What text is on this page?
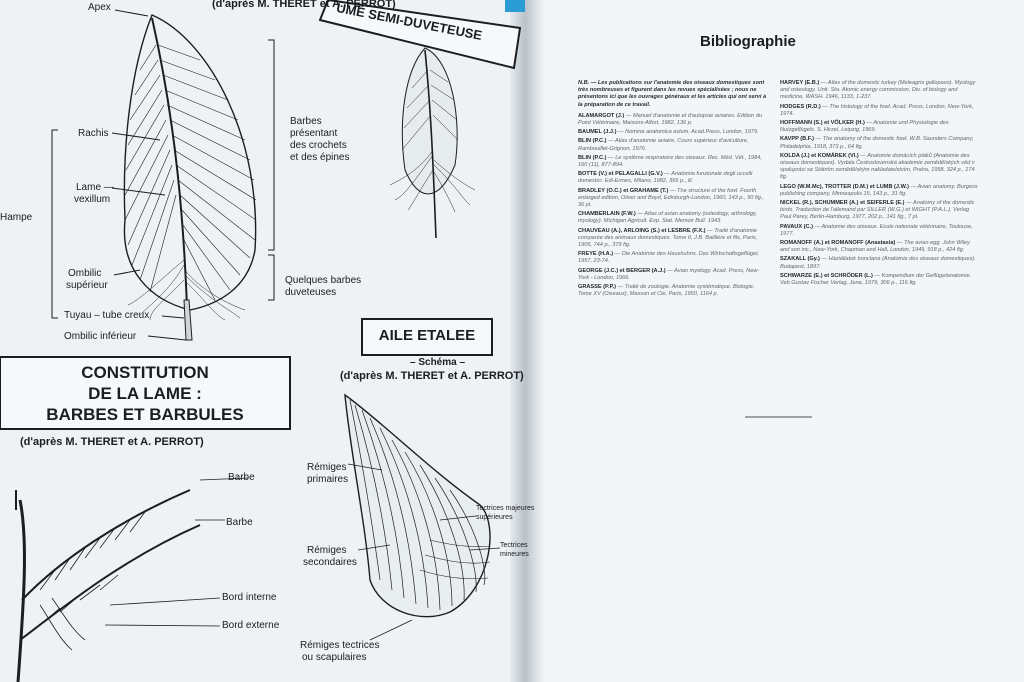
UME SEMI-DUVETEUSE
(d'après M. THERET et A. PERROT)
Apex
Rachis
Lame —
vexillum
Hampe
Ombilic
supérieur
Tuyau – tube creux
Ombilic inférieur
Barbes
présentant
des crochets
et des épines
Quelques barbes
duveteuses
CONSTITUTION
DE LA LAME :
BARBES ET BARBULES
(d'après M. THERET et A. PERROT)
Barbe
Barbe
Bord interne
Bord externe
AILE ETALEE
– Schéma –
(d'après M. THERET et A. PERROT)
Rémiges
primaires
Rémiges
secondaires
Tectrices majeures
supérieures
Tectrices
mineures
Rémiges tectrices
ou scapulaires
Bibliographie
N.B. — Les publications sur l'anatomie des oiseaux domestiques sont très nombreuses et figurent dans les revues spécialisées ; nous ne présentons ici que les ouvrages généraux et les articles qui ont servi à la préparation de ce travail.
ALAMARGOT (J.) — Manuel d'anatomie et d'autopsie aviaires. Edition du Point Vétérinaire, Maisons-Alfort, 1982, 136 p.
BAUMEL (J.J.) — Nomina anatomica avium. Acad.Press, London, 1979.
BLIN (P.C.) — Atlas d'anatomie aviaire. Cours supérieur d'aviculture, Rambouillet-Grignon, 1976.
BLIN (P.C.) — Le système respiratoire des oiseaux. Rec. Méd. Vét., 1984, 160 (11), 877-894.
BOTTE (V.) et PELAGALLI (G.V.) — Anatomia funzionale degli uccelli domestici. Edi-Ermes, Milano, 1982, 365 p., ill.
BRADLEY (O.C.) et GRAHAME (T.) — The structure of the fowl. Fourth enlarged edition, Oliver and Boyd, Edinburgh-London, 1960, 143 p., 90 fig., 36 pl.
CHAMBERLAIN (F.W.) — Atlas of avian anatomy (osteology, arthrology, myology). Michigan Agricult. Exp. Stat. Memoir Bull. 1943.
CHAUVEAU (A.), ARLOING (S.) et LESBRE (F.X.) — Traité d'anatomie comparée des animaux domestiques. Tome II, J.B. Baillière et fils, Paris, 1905, 744 p., 379 fig.
FREYE (H.A.) — Die Anatomie des Haushuhns. Das Wirtschaftsgeflügel, 1957, 23-74.
GEORGE (J.C.) et BERGER (A.J.) — Avian myology. Acad. Press, New-York - London, 1966.
GRASSE (P.P.) — Traité de zoologie. Anatomie systématique. Biologie. Tome XV (Oiseaux), Masson et Cie, Paris, 1950, 1164 p.
HARVEY (E.B.) — Atlas of the domestic turkey (Meleagris gallopavo). Myology and osteology. Unit. Sta. Atomic energy commission, Div. of biology and medicine, WASH. 1946, 1133, 1-237.
HODGES (R.D.) — The histology of the fowl. Acad. Press, London, New-York, 1974.
HOFFMANN (S.) et VÖLKER (H.) — Anatomie und Physiologie des Nutzgeflügels. S. Hirzel, Leipzig, 1969.
KAVPP (B.F.) — The anatomy of the domestic fowl. W.B. Saunders Company, Philadelphia, 1918, 373 p., 64 fig.
KOLDA (J.) et KOMÁREK (Vl.) — Anatomie domácích ptáků (Anatomie des oiseaux domestiques). Vydala Československá akademie zemědělských věd v spolupráci se Státním zemědělským nakladatelstvím, Praha, 1958, 324 p., 174 fig.
LEGO (W.M.Mc), TROTTER (D.M.) et LUMB (J.W.) — Avian anatomy. Burgess publishing company, Minneapolis 15, 143 p., 31 fig.
NICKEL (R.), SCHUMMER (A.) et SEIFERLE (E.) — Anatomy of the domestic birds. Traduction de l'allemand par SILLER (W.G.) et WIGHT (P.A.L.). Verlag Paul Parey, Berlin-Hamburg, 1977, 202 p., 141 fig., 7 pl.
PAVAUX (C.) — Anatomie des oiseaux. Ecole nationale vétérinaire, Toulouse, 1977.
ROMANOFF (A.) et ROMANOFF (Anastasia) — The avian egg. John Wiley and son inc., New-York, Chapman and Hall, London, 1949, 918 p., 424 fig.
SZAKALL (Gy.) — Háziállatok bonctana (Anatomie des oiseaux domestiques). Budapest, 1897.
SCHWARZE (E.) et SCHRÖDER (L.) — Kompendium der Geflügelanatomie. Veb Gustav Fischer Verlag, Jena, 1979, 306 p., 116 fig.
